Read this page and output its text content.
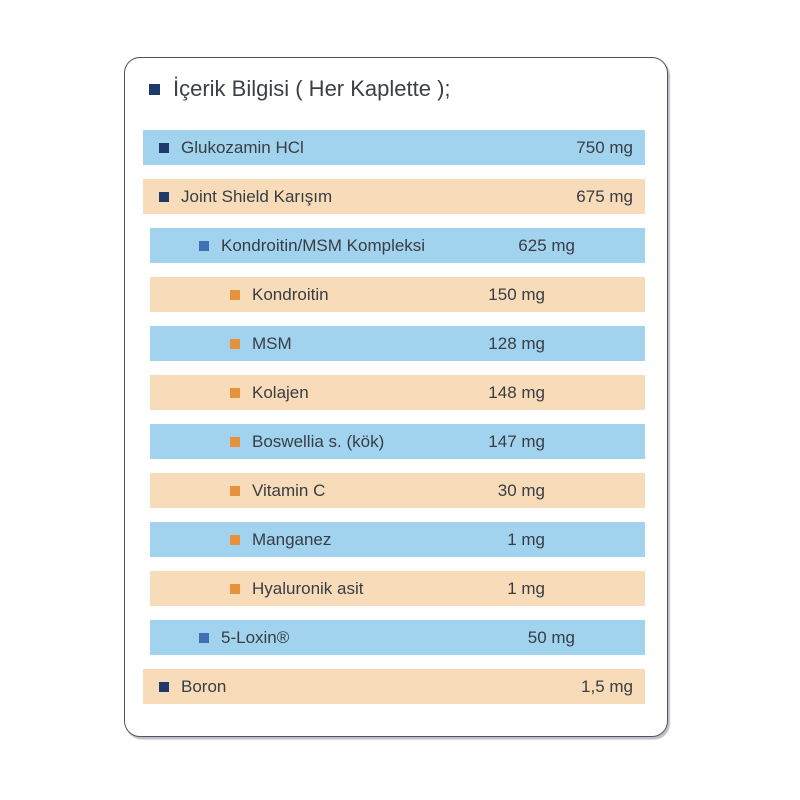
İçerik Bilgisi ( Her Kaplette );
Glukozamin HCl	750 mg
Joint Shield Karışım	675 mg
Kondroitin/MSM Kompleksi	625 mg
Kondroitin	150 mg
MSM	128 mg
Kolajen	148 mg
Boswellia s. (kök)	147 mg
Vitamin C	30 mg
Manganez	1 mg
Hyaluronik asit	1 mg
5-Loxin®	50 mg
Boron	1,5 mg
